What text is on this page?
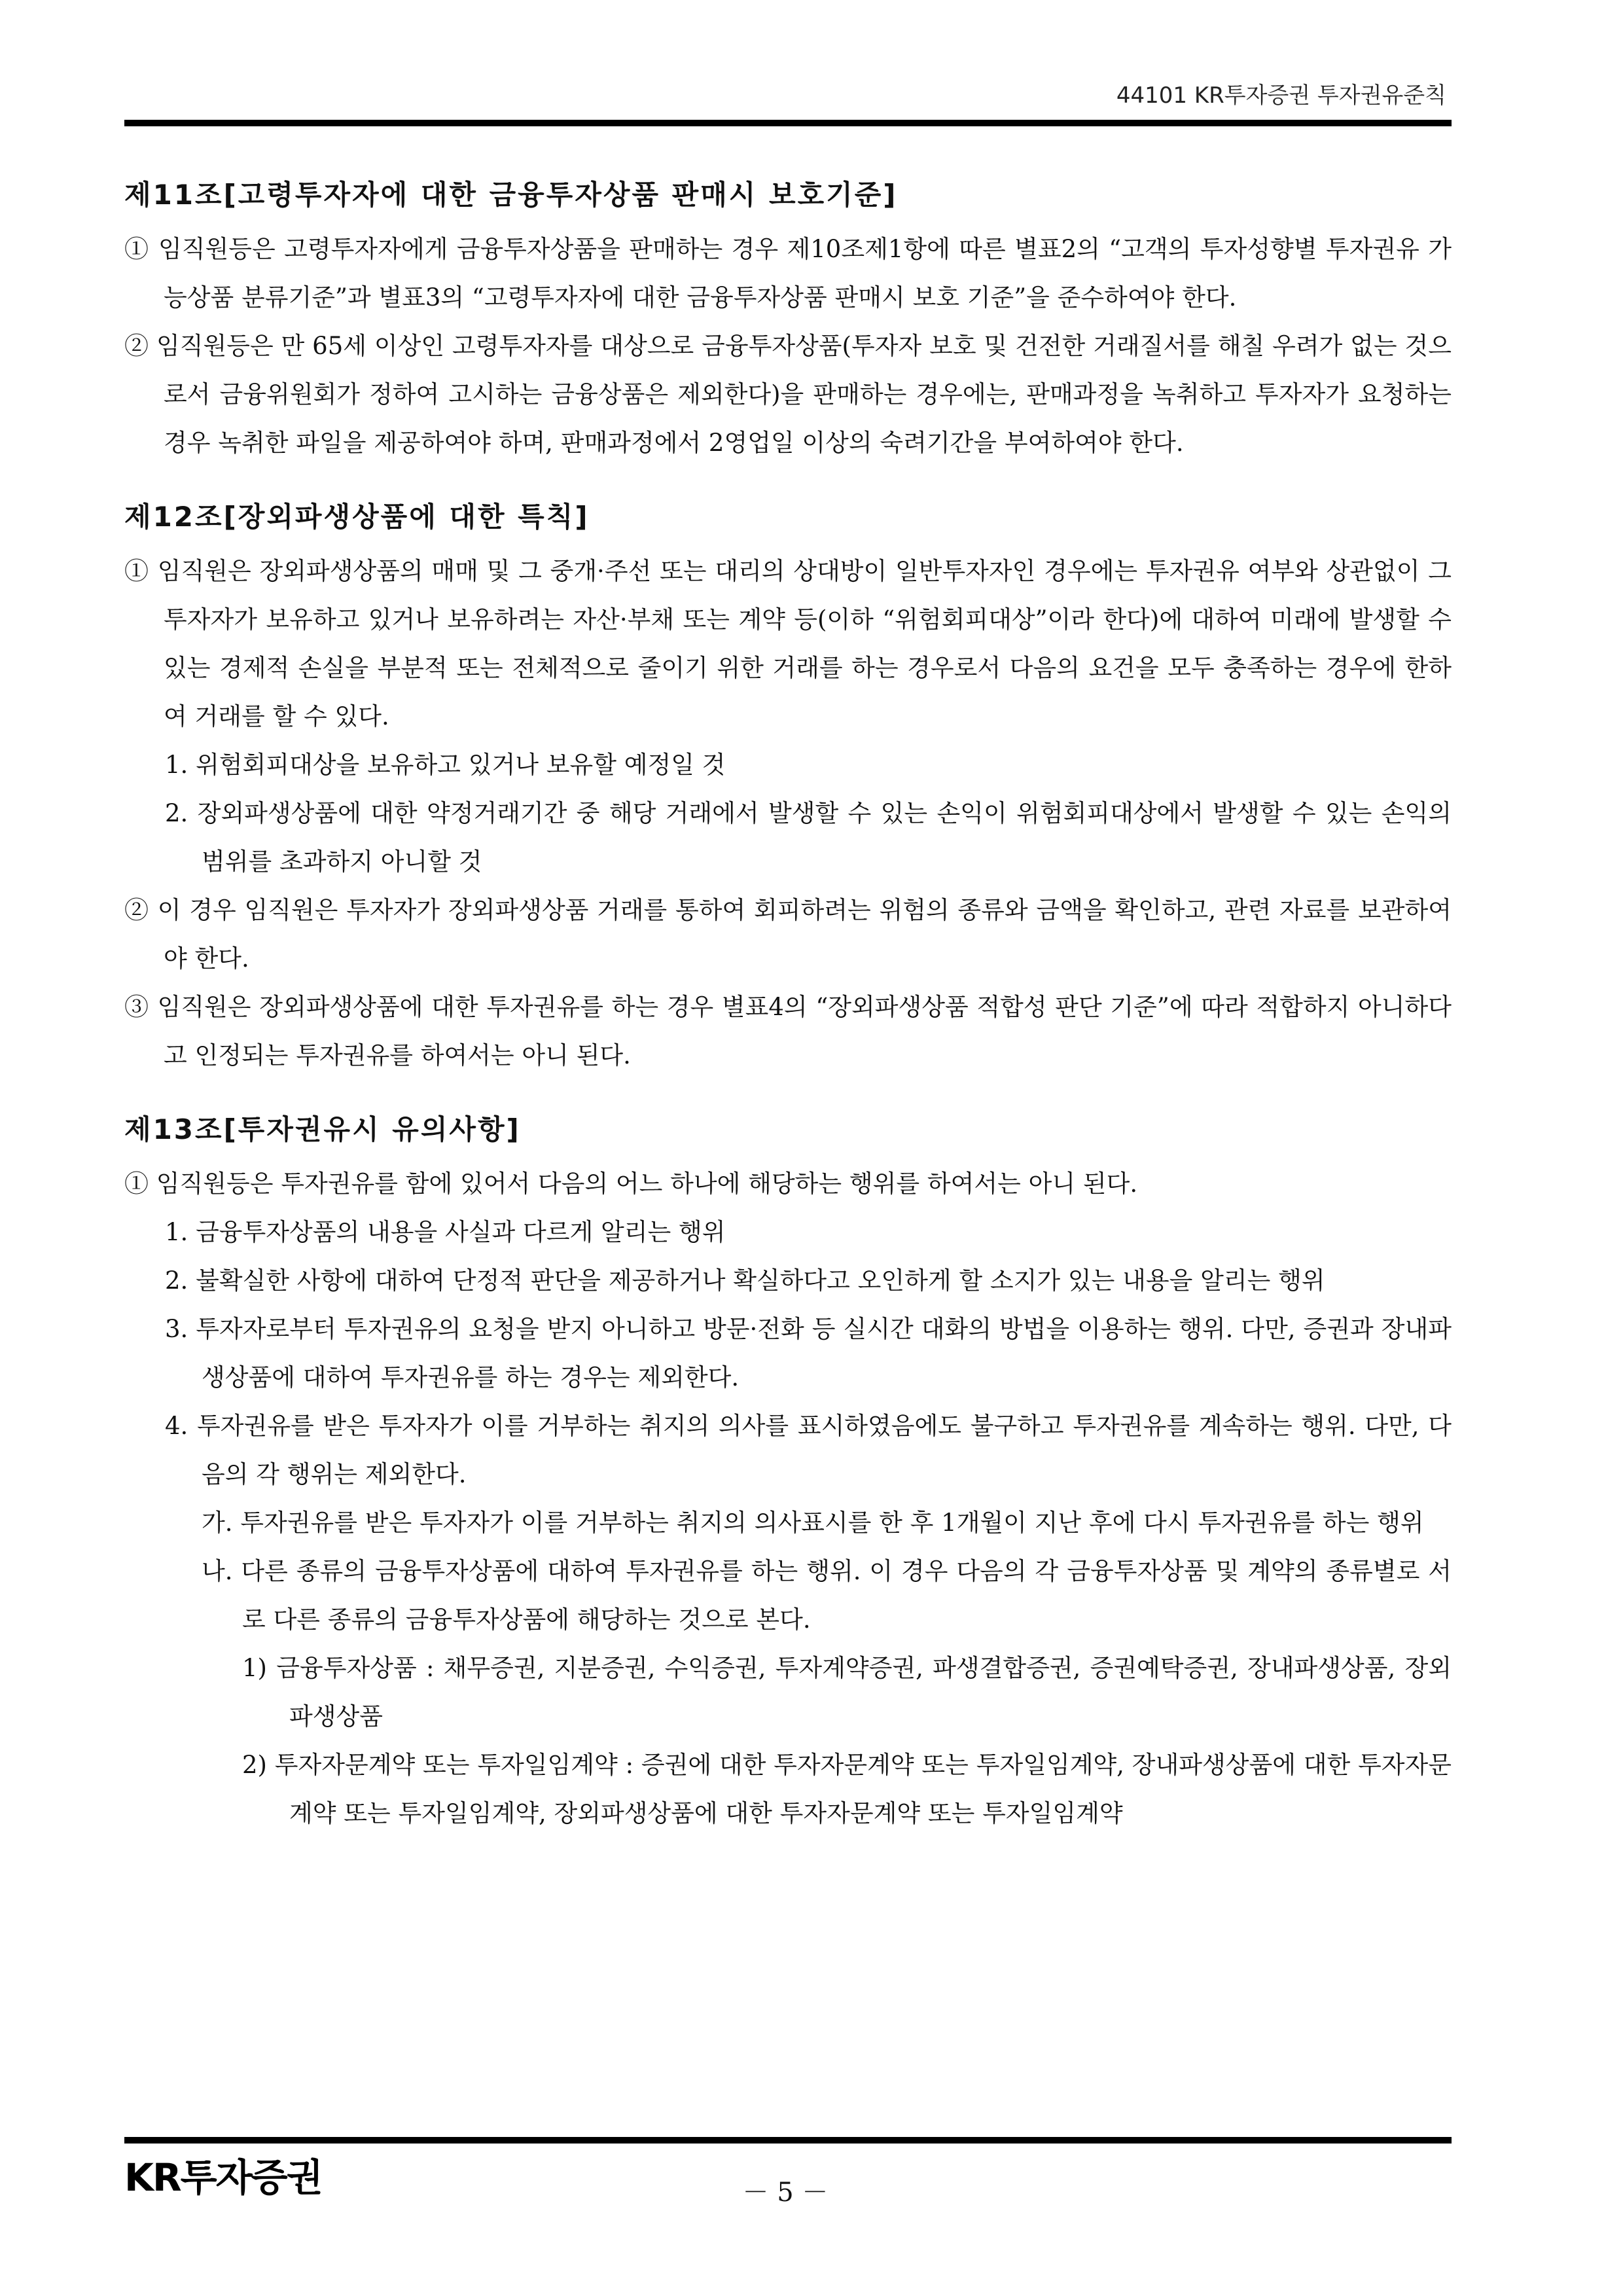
44101 KR투자증권 투자권유준칙
제11조[고령투자자에 대한 금융투자상품 판매시 보호기준]

① 임직원등은 고령투자자에게 금융투자상품을 판매하는 경우 제10조제1항에 따른 별표2의 “고객의 투자성향별 투자권유 가능상품 분류기준”과 별표3의 “고령투자자에 대한 금융투자상품 판매시 보호 기준”을 준수하여야 한다.

② 임직원등은 만 65세 이상인 고령투자자를 대상으로 금융투자상품(투자자 보호 및 건전한 거래질서를 해칠 우려가 없는 것으로서 금융위원회가 정하여 고시하는 금융상품은 제외한다)을 판매하는 경우에는, 판매과정을 녹취하고 투자자가 요청하는 경우 녹취한 파일을 제공하여야 하며, 판매과정에서 2영업일 이상의 숙려기간을 부여하여야 한다.

제12조[장외파생상품에 대한 특칙]

① 임직원은 장외파생상품의 매매 및 그 중개·주선 또는 대리의 상대방이 일반투자자인 경우에는 투자권유 여부와 상관없이 그 투자자가 보유하고 있거나 보유하려는 자산·부채 또는 계약 등(이하 “위험회피대상”이라 한다)에 대하여 미래에 발생할 수 있는 경제적 손실을 부분적 또는 전체적으로 줄이기 위한 거래를 하는 경우로서 다음의 요건을 모두 충족하는 경우에 한하여 거래를 할 수 있다.

1. 위험회피대상을 보유하고 있거나 보유할 예정일 것

2. 장외파생상품에 대한 약정거래기간 중 해당 거래에서 발생할 수 있는 손익이 위험회피대상에서 발생할 수 있는 손익의 범위를 초과하지 아니할 것

② 이 경우 임직원은 투자자가 장외파생상품 거래를 통하여 회피하려는 위험의 종류와 금액을 확인하고, 관련 자료를 보관하여야 한다.

③ 임직원은 장외파생상품에 대한 투자권유를 하는 경우 별표4의 “장외파생상품 적합성 판단 기준”에 따라 적합하지 아니하다고 인정되는 투자권유를 하여서는 아니 된다.

제13조[투자권유시 유의사항]

① 임직원등은 투자권유를 함에 있어서 다음의 어느 하나에 해당하는 행위를 하여서는 아니 된다.

1. 금융투자상품의 내용을 사실과 다르게 알리는 행위

2. 불확실한 사항에 대하여 단정적 판단을 제공하거나 확실하다고 오인하게 할 소지가 있는 내용을 알리는 행위

3. 투자자로부터 투자권유의 요청을 받지 아니하고 방문·전화 등 실시간 대화의 방법을 이용하는 행위. 다만, 증권과 장내파생상품에 대하여 투자권유를 하는 경우는 제외한다.

4. 투자권유를 받은 투자자가 이를 거부하는 취지의 의사를 표시하였음에도 불구하고 투자권유를 계속하는 행위. 다만, 다음의 각 행위는 제외한다.

가. 투자권유를 받은 투자자가 이를 거부하는 취지의 의사표시를 한 후 1개월이 지난 후에 다시 투자권유를 하는 행위

나. 다른 종류의 금융투자상품에 대하여 투자권유를 하는 행위. 이 경우 다음의 각 금융투자상품 및 계약의 종류별로 서로 다른 종류의 금융투자상품에 해당하는 것으로 본다.

1) 금융투자상품 : 채무증권, 지분증권, 수익증권, 투자계약증권, 파생결합증권, 증권예탁증권, 장내파생상품, 장외파생상품

2) 투자자문계약 또는 투자일임계약 : 증권에 대한 투자자문계약 또는 투자일임계약, 장내파생상품에 대한 투자자문계약 또는 투자일임계약, 장외파생상품에 대한 투자자문계약 또는 투자일임계약

KR투자증권	－ 5 －
